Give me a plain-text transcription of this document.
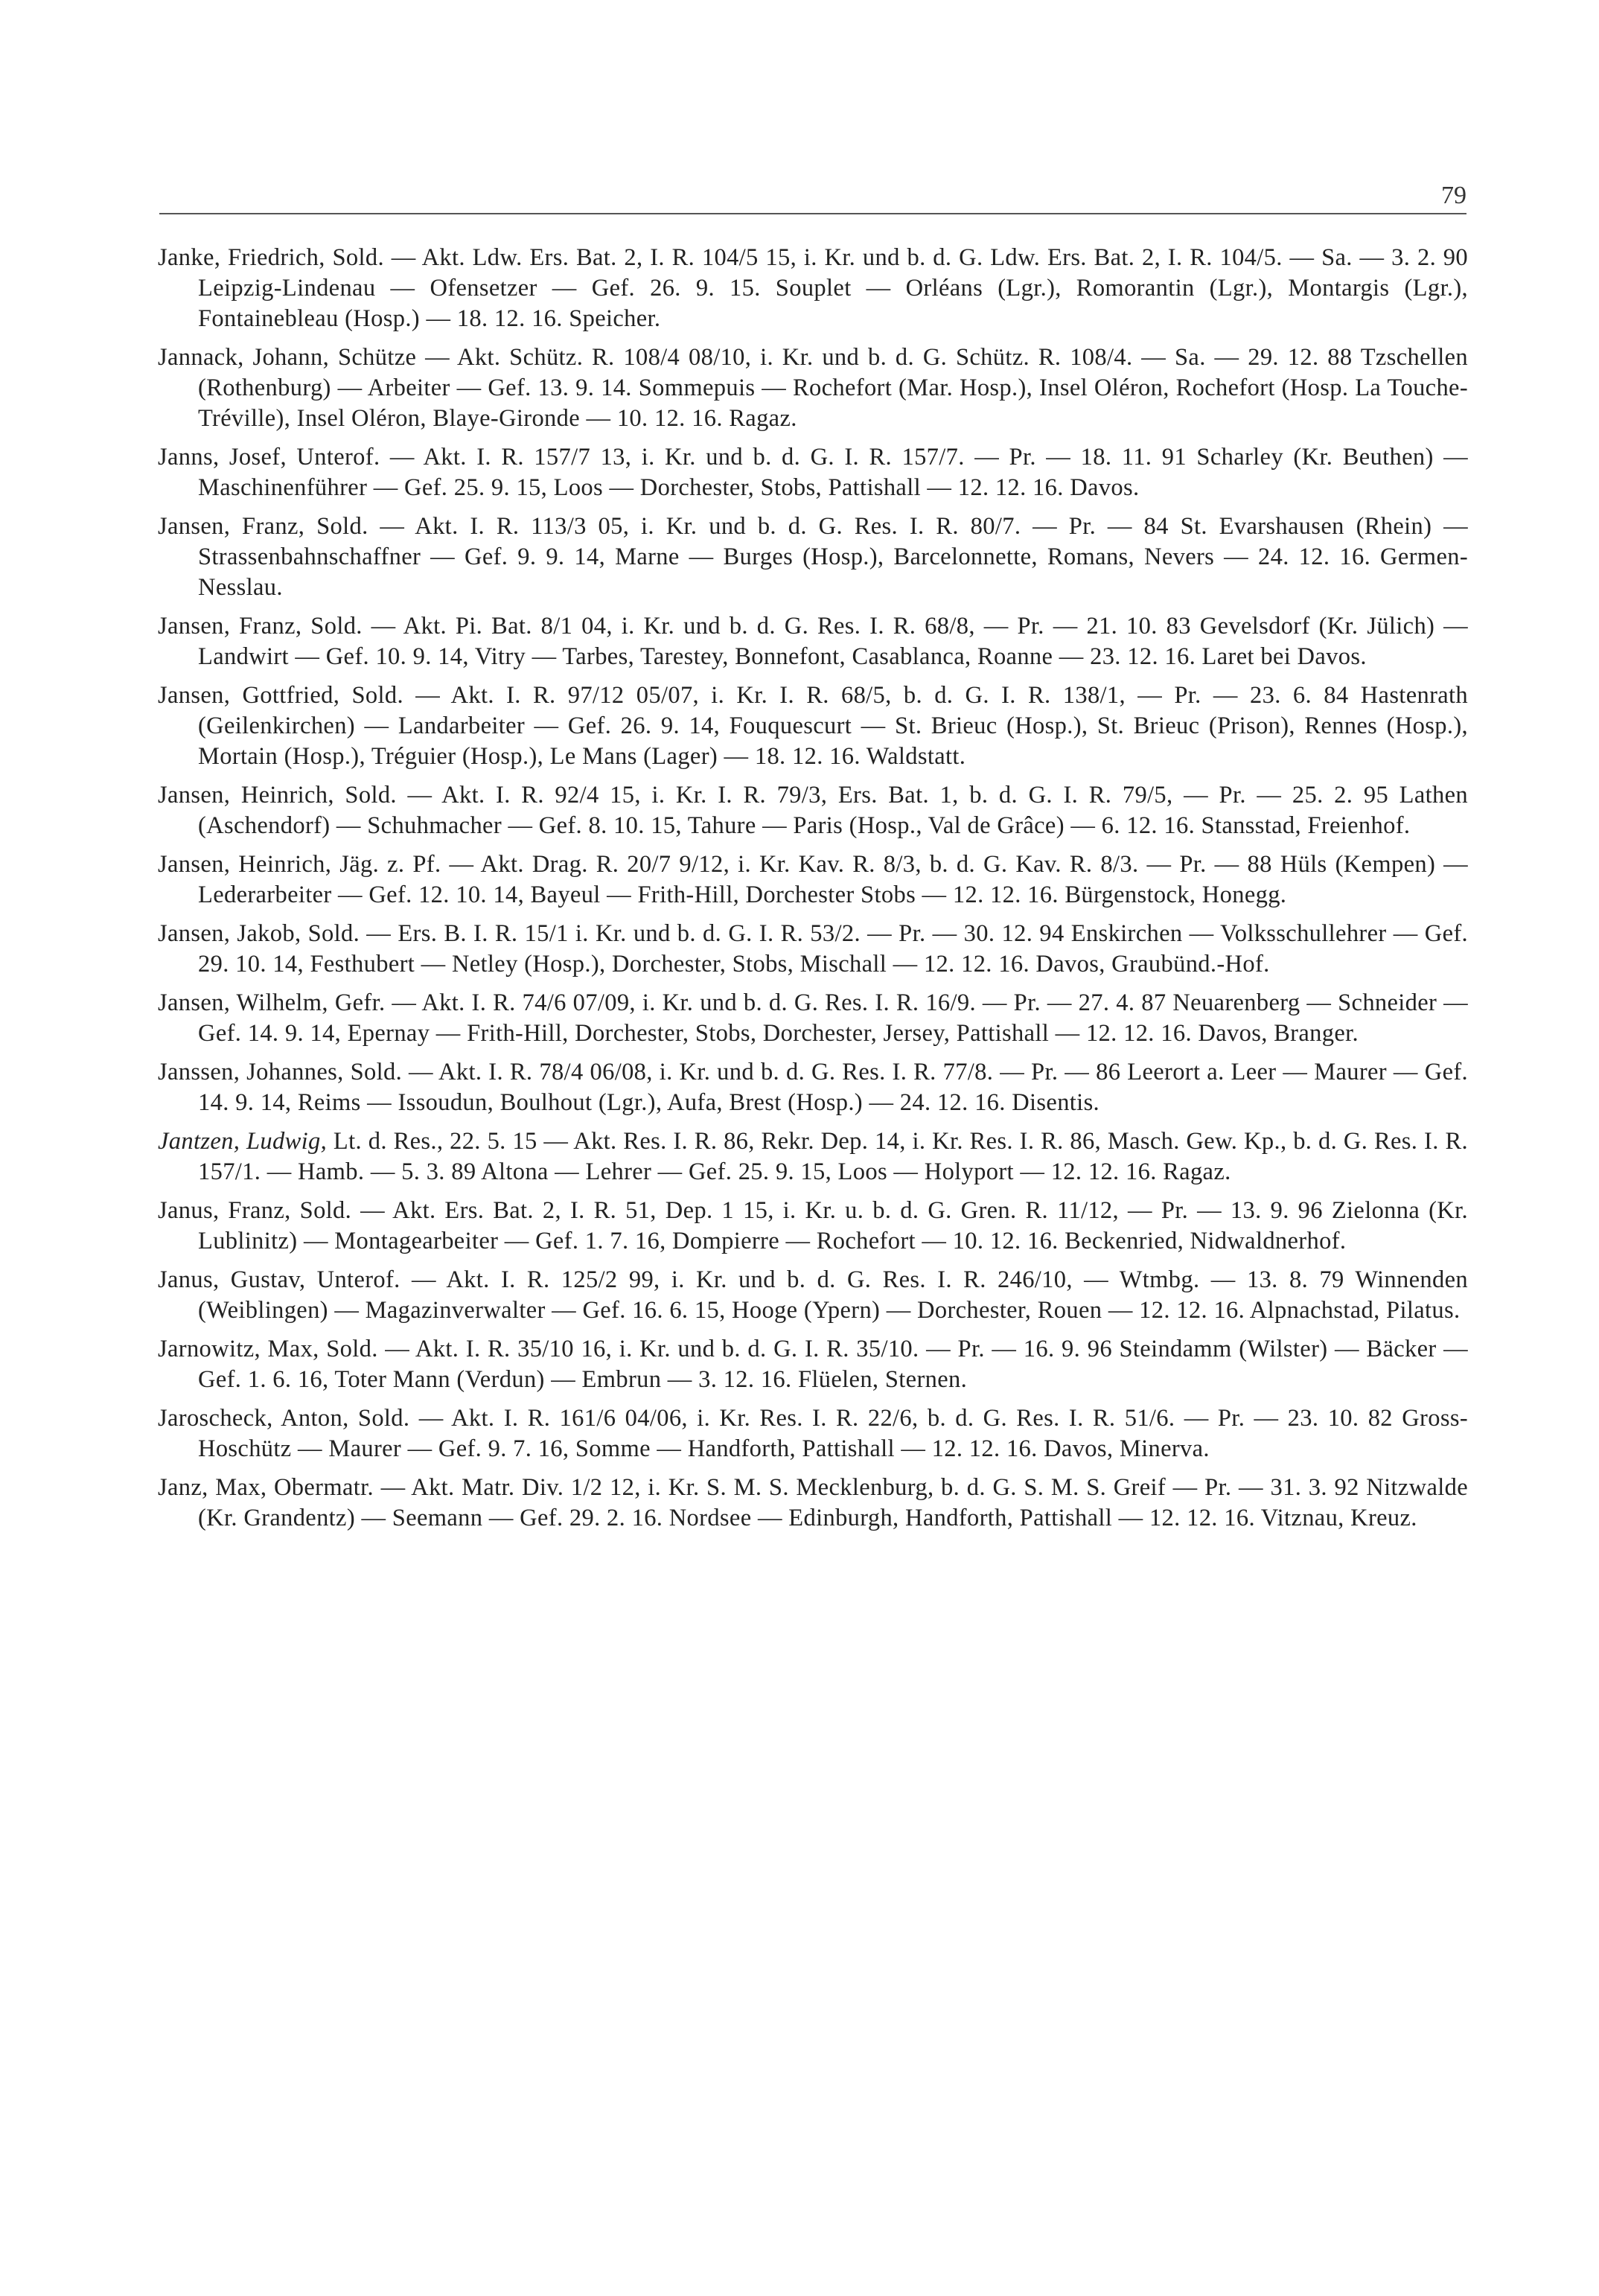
79

Janke, Friedrich, Sold. — Akt. Ldw. Ers. Bat. 2, I. R. 104/5 15, i. Kr. und b. d. G. Ldw. Ers. Bat. 2, I. R. 104/5. — Sa. — 3. 2. 90 Leipzig-Lindenau — Ofensetzer — Gef. 26. 9. 15. Souplet — Orléans (Lgr.), Romorantin (Lgr.), Montargis (Lgr.), Fontainebleau (Hosp.) — 18. 12. 16. Speicher.

Jannack, Johann, Schütze — Akt. Schütz. R. 108/4 08/10, i. Kr. und b. d. G. Schütz. R. 108/4. — Sa. — 29. 12. 88 Tzschellen (Rothenburg) — Arbeiter — Gef. 13. 9. 14. Sommepuis — Rochefort (Mar. Hosp.), Insel Oléron, Rochefort (Hosp. La Touche-Tréville), Insel Oléron, Blaye-Gironde — 10. 12. 16. Ragaz.

Janns, Josef, Unterof. — Akt. I. R. 157/7 13, i. Kr. und b. d. G. I. R. 157/7. — Pr. — 18. 11. 91 Scharley (Kr. Beuthen) — Maschinenführer — Gef. 25. 9. 15, Loos — Dorchester, Stobs, Pattishall — 12. 12. 16. Davos.

Jansen, Franz, Sold. — Akt. I. R. 113/3 05, i. Kr. und b. d. G. Res. I. R. 80/7. — Pr. — 84 St. Evarshausen (Rhein) — Strassenbahnschaffner — Gef. 9. 9. 14, Marne — Burges (Hosp.), Barcelonnette, Romans, Nevers — 24. 12. 16. Germen-Nesslau.

Jansen, Franz, Sold. — Akt. Pi. Bat. 8/1 04, i. Kr. und b. d. G. Res. I. R. 68/8, — Pr. — 21. 10. 83 Gevelsdorf (Kr. Jülich) — Landwirt — Gef. 10. 9. 14, Vitry — Tarbes, Tarestey, Bonnefont, Casablanca, Roanne — 23. 12. 16. Laret bei Davos.

Jansen, Gottfried, Sold. — Akt. I. R. 97/12 05/07, i. Kr. I. R. 68/5, b. d. G. I. R. 138/1, — Pr. — 23. 6. 84 Hastenrath (Geilenkirchen) — Landarbeiter — Gef. 26. 9. 14, Fouquescurt — St. Brieuc (Hosp.), St. Brieuc (Prison), Rennes (Hosp.), Mortain (Hosp.), Tréguier (Hosp.), Le Mans (Lager) — 18. 12. 16. Waldstatt.

Jansen, Heinrich, Sold. — Akt. I. R. 92/4 15, i. Kr. I. R. 79/3, Ers. Bat. 1, b. d. G. I. R. 79/5, — Pr. — 25. 2. 95 Lathen (Aschendorf) — Schuhmacher — Gef. 8. 10. 15, Tahure — Paris (Hosp., Val de Grâce) — 6. 12. 16. Stansstad, Freienhof.

Jansen, Heinrich, Jäg. z. Pf. — Akt. Drag. R. 20/7 9/12, i. Kr. Kav. R. 8/3, b. d. G. Kav. R. 8/3. — Pr. — 88 Hüls (Kempen) — Lederarbeiter — Gef. 12. 10. 14, Bayeul — Frith-Hill, Dorchester Stobs — 12. 12. 16. Bürgenstock, Honegg.

Jansen, Jakob, Sold. — Ers. B. I. R. 15/1 i. Kr. und b. d. G. I. R. 53/2. — Pr. — 30. 12. 94 Enskirchen — Volksschullehrer — Gef. 29. 10. 14, Festhubert — Netley (Hosp.), Dorchester, Stobs, Mischall — 12. 12. 16. Davos, Graubünd.-Hof.

Jansen, Wilhelm, Gefr. — Akt. I. R. 74/6 07/09, i. Kr. und b. d. G. Res. I. R. 16/9. — Pr. — 27. 4. 87 Neuarenberg — Schneider — Gef. 14. 9. 14, Epernay — Frith-Hill, Dorchester, Stobs, Dorchester, Jersey, Pattishall — 12. 12. 16. Davos, Branger.

Janssen, Johannes, Sold. — Akt. I. R. 78/4 06/08, i. Kr. und b. d. G. Res. I. R. 77/8. — Pr. — 86 Leerort a. Leer — Maurer — Gef. 14. 9. 14, Reims — Issoudun, Boulhout (Lgr.), Aufa, Brest (Hosp.) — 24. 12. 16. Disentis.

Jantzen, Ludwig, Lt. d. Res., 22. 5. 15 — Akt. Res. I. R. 86, Rekr. Dep. 14, i. Kr. Res. I. R. 86, Masch. Gew. Kp., b. d. G. Res. I. R. 157/1. — Hamb. — 5. 3. 89 Altona — Lehrer — Gef. 25. 9. 15, Loos — Holyport — 12. 12. 16. Ragaz.

Janus, Franz, Sold. — Akt. Ers. Bat. 2, I. R. 51, Dep. 1 15, i. Kr. u. b. d. G. Gren. R. 11/12, — Pr. — 13. 9. 96 Zielonna (Kr. Lublinitz) — Montagearbeiter — Gef. 1. 7. 16, Dompierre — Rochefort — 10. 12. 16. Beckenried, Nidwaldnerhof.

Janus, Gustav, Unterof. — Akt. I. R. 125/2 99, i. Kr. und b. d. G. Res. I. R. 246/10, — Wtmbg. — 13. 8. 79 Winnenden (Weiblingen) — Magazinverwalter — Gef. 16. 6. 15, Hooge (Ypern) — Dorchester, Rouen — 12. 12. 16. Alpnachstad, Pilatus.

Jarnowitz, Max, Sold. — Akt. I. R. 35/10 16, i. Kr. und b. d. G. I. R. 35/10. — Pr. — 16. 9. 96 Steindamm (Wilster) — Bäcker — Gef. 1. 6. 16, Toter Mann (Verdun) — Embrun — 3. 12. 16. Flüelen, Sternen.

Jaroscheck, Anton, Sold. — Akt. I. R. 161/6 04/06, i. Kr. Res. I. R. 22/6, b. d. G. Res. I. R. 51/6. — Pr. — 23. 10. 82 Gross-Hoschütz — Maurer — Gef. 9. 7. 16, Somme — Handforth, Pattishall — 12. 12. 16. Davos, Minerva.

Janz, Max, Obermatr. — Akt. Matr. Div. 1/2 12, i. Kr. S. M. S. Mecklenburg, b. d. G. S. M. S. Greif — Pr. — 31. 3. 92 Nitzwalde (Kr. Grandentz) — Seemann — Gef. 29. 2. 16. Nordsee — Edinburgh, Handforth, Pattishall — 12. 12. 16. Vitznau, Kreuz.
